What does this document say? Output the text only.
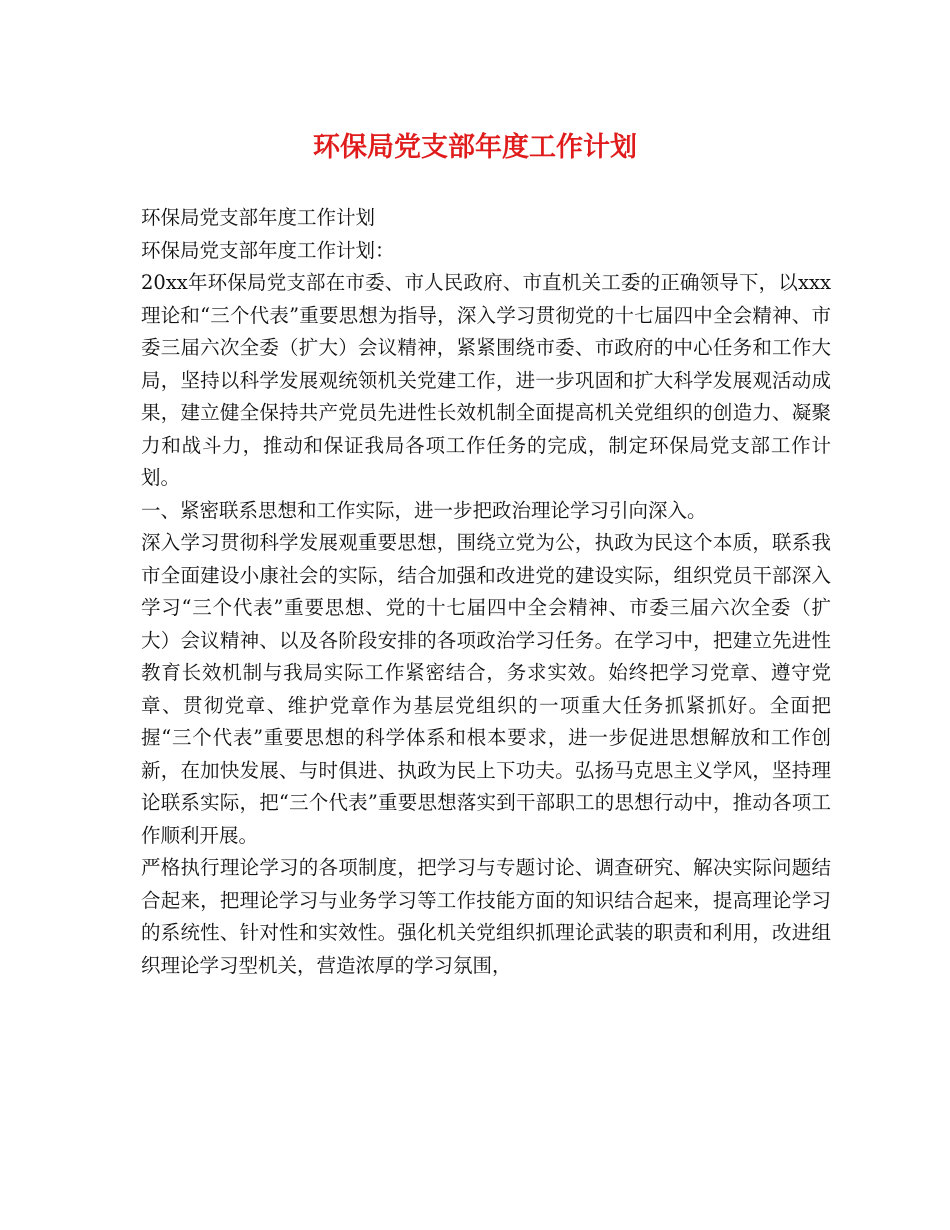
环保局党支部年度工作计划

环保局党支部年度工作计划

环保局党支部年度工作计划：

20xx年环保局党支部在市委、市人民政府、市直机关工委的正确领导下，以xxx理论和“三个代表”重要思想为指导，深入学习贯彻党的十七届四中全会精神、市委三届六次全委（扩大）会议精神，紧紧围绕市委、市政府的中心任务和工作大局，坚持以科学发展观统领机关党建工作，进一步巩固和扩大科学发展观活动成果，建立健全保持共产党员先进性长效机制全面提高机关党组织的创造力、凝聚力和战斗力，推动和保证我局各项工作任务的完成，制定环保局党支部工作计划。

一、紧密联系思想和工作实际，进一步把政治理论学习引向深入。

深入学习贯彻科学发展观重要思想，围绕立党为公，执政为民这个本质，联系我市全面建设小康社会的实际，结合加强和改进党的建设实际，组织党员干部深入学习“三个代表”重要思想、党的十七届四中全会精神、市委三届六次全委（扩大）会议精神、以及各阶段安排的各项政治学习任务。在学习中，把建立先进性教育长效机制与我局实际工作紧密结合，务求实效。始终把学习党章、遵守党章、贯彻党章、维护党章作为基层党组织的一项重大任务抓紧抓好。全面把握“三个代表”重要思想的科学体系和根本要求，进一步促进思想解放和工作创新，在加快发展、与时俱进、执政为民上下功夫。弘扬马克思主义学风，坚持理论联系实际，把“三个代表”重要思想落实到干部职工的思想行动中，推动各项工作顺利开展。

严格执行理论学习的各项制度，把学习与专题讨论、调查研究、解决实际问题结合起来，把理论学习与业务学习等工作技能方面的知识结合起来，提高理论学习的系统性、针对性和实效性。强化机关党组织抓理论武装的职责和利用，改进组织理论学习型机关，营造浓厚的学习氛围，
